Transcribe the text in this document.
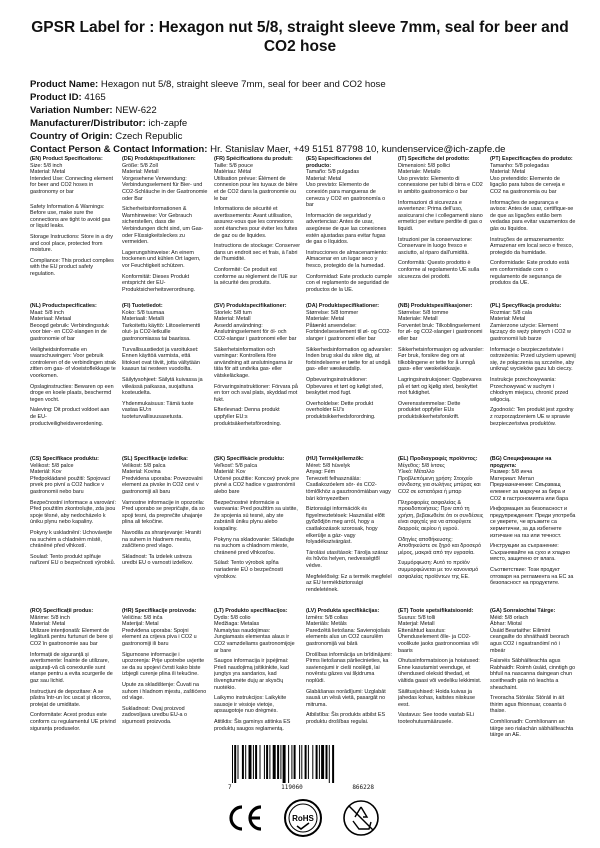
GPSR Label for : Hexagon nut 5/8, straight sleeve 7mm, seal for beer and CO2 hose
Product Name: Hexagon nut 5/8, straight sleeve 7mm, seal for beer and CO2 hose
Product ID: 4165
Variation Number: NEW-622
Manufacturer/Distributor: ich-zapfe
Country of Origin: Czech Republic
Contact Person & Contact Information: Hr. Stanislav Maer, +49 5151 87798 10, kundenservice@ich-zapfe.de
(EN) Product Specifications:

Size: 5/8 inch

Material: Metal

Intended Use: Connecting element for beer and CO2 hoses in gastronomy or bar

Safety Information & Warnings: Before use, make sure the connections are tight to avoid gas or liquid leaks.

Storage Instructions: Store in a dry and cool place, protected from moisture.

Compliance: This product complies with the EU product safety regulation.

(DE) Produktspezifikationen:

Größe: 5/8 Zoll

Material: Metall

Vorgesehene Verwendung: Verbindungselement für Bier- und CO2-Schläuche in der Gastronomie oder Bar

Sicherheitsinformationen & Warnhinweise: Vor Gebrauch sicherstellen, dass die Verbindungen dicht sind, um Gas- oder Flüssigkeitsleckes zu vermeiden.

Lagerungshinweise: An einem trockenen und kühlen Ort lagern, vor Feuchtigkeit schützen.

Konformität: Dieses Produkt entspricht der EU-Produktsicherheitsverordnung.

(FR) Spécifications du produit:

Taille: 5/8 pouce

Matériau: Métal

Utilisation prévue: Élément de connexion pour les tuyaux de bière et de CO2 dans la gastronomie ou le bar

Informations de sécurité et avertissements: Avant utilisation, assurez-vous que les connexions sont étanches pour éviter les fuites de gaz ou de liquides.

Instructions de stockage: Conserver dans un endroit sec et frais, à l'abri de l'humidité.

Conformité: Ce produit est conforme au règlement de l'UE sur la sécurité des produits.

(ES) Especificaciones del producto:

Tamaño: 5/8 pulgadas

Material: Metal

Uso previsto: Elemento de conexión para mangueras de cerveza y CO2 en gastronomía o bar

Información de seguridad y advertencias: Antes de usar, asegúrese de que las conexiones estén ajustadas para evitar fugas de gas o líquidos.

Instrucciones de almacenamiento: Almacenar en un lugar seco y fresco, protegido de la humedad.

Conformidad: Este producto cumple con el reglamento de seguridad de productos de la UE.

(IT) Specifiche del prodotto:

Dimensioni: 5/8 pollici

Materiale: Metallo

Uso previsto: Elemento di connessione per tubi di birra e CO2 in ambito gastronomico o bar

Informazioni di sicurezza e avvertenze: Prima dell'uso, assicurarsi che i collegamenti siano ermetici per evitare perdite di gas o liquidi.

Istruzioni per la conservazione: Conservare in luogo fresco e asciutto, al riparo dall'umidità.

Conformità: Questo prodotto è conforme al regolamento UE sulla sicurezza dei prodotti.

(PT) Especificações do produto:

Tamanho: 5/8 polegadas

Material: Metal

Uso pretendido: Elemento de ligação para tubos de cerveja e CO2 na gastronomia ou bar

Informações de segurança e avisos: Antes de usar, certifique-se de que as ligações estão bem vedadas para evitar vazamentos de gás ou líquidos.

Instruções de armazenamento: Armazenar em local seco e fresco, protegido da humidade.

Conformidade: Este produto está em conformidade com o regulamento de segurança de produtos da UE.

(NL) Productspecificaties:

Maat: 5/8 inch

Materiaal: Metaal

Beoogd gebruik: Verbindingsstuk voor bier- en CO2-slangen in de gastronomie of bar

Veiligheidsinformatie en waarschuwingen: Voor gebruik controleren of de verbindingen strak zitten om gas- of vloeistoflekkage te voorkomen.

Opslaginstructies: Bewaren op een droge en koele plaats, beschermd tegen vocht.

Naleving: Dit product voldoet aan de EU-productveiligheidsverordening.

(FI) Tuotetiedot:

Koko: 5/8 tuumaa

Materiaali: Metalli

Tarkoitettu käyttö: Liitoselementti olut- ja CO2-letkuille gastronomiassa tai baarissa.

Turvallisuustiedot ja varoitukset: Ennen käyttöä varmista, että liitokset ovat tiiviit, jotta vältytään kaasun tai nesteen vuodoilta.

Säilytysohjeet: Säilytä kuivassa ja viileässä paikassa, suojattuna kosteudelta.

Yhdenmukaisuus: Tämä tuote vastaa EU:n tuoteturvallisuusasetusta.

(SV) Produktspecifikationer:

Storlek: 5/8 tum

Material: Metall

Avsedd användning: Anslutningselement för öl- och CO2-slangar i gastronomi eller bar

Säkerhetsinformation och varningar: Kontrollera före användning att anslutningarna är täta för att undvika gas- eller vätskeläckage.

Förvaringsinstruktioner: Förvara på en torr och sval plats, skyddad mot fukt.

Efterlevnad: Denna produkt uppfyller EU:s produktsäkerhetsförordning.

(DA) Produktspecifikationer:

Størrelse: 5/8 tommer

Materiale: Metal

Påtænkt anvendelse: Forbindelseselement til øl- og CO2-slanger i gastronomi eller bar

Sikkerhedsinformation og advarsler: Inden brug skal du sikre dig, at forbindelserne er tætte for at undgå gas- eller væskeudslip.

Opbevaringsinstruktioner: Opbevares et tørt og køligt sted, beskyttet mod fugt.

Overholdelse: Dette produkt overholder EU's produktsikkerhedsforordning.

(NB) Produktspesifikasjoner:

Størrelse: 5/8 tomme

Materiale: Metall

Forventet bruk: Tilkoblingselement for øl- og CO2-slanger i gastronomi eller bar

Sikkerhetsinformasjon og advarsler: Før bruk, forsikre deg om at tilkoblingene er tette for å unngå gass- eller væskelekkasje.

Lagringsinstruksjoner: Oppbevares på et tørt og kjølig sted, beskyttet mot fuktighet.

Overensstemmelse: Dette produktet oppfyller EUs produktsikkerhetsforskrift.

(PL) Specyfikacja produktu:

Rozmiar: 5/8 cala

Materiał: Metal

Zamierzone użycie: Element łączący do węży piwnych i CO2 w gastronomii lub barze

Informacje o bezpieczeństwie i ostrzeżenia: Przed użyciem upewnij się, że połączenia są szczelne, aby uniknąć wycieków gazu lub cieczy.

Instrukcje przechowywania: Przechowywać w suchym i chłodnym miejscu, chronić przed wilgocią.

Zgodność: Ten produkt jest zgodny z rozporządzeniem UE w sprawie bezpieczeństwa produktów.

(CS) Specifikace produktu:

Velikost: 5/8 palce

Materiál: Kov

Předpokládané použití: Spojovací prvek pro pivní a CO2 hadice v gastronomii nebo baru

Bezpečnostní informace a varování: Před použitím zkontrolujte, zda jsou spoje těsné, aby nedocházelo k úniku plynu nebo kapaliny.

Pokyny k uskladnění: Uchovávejte na suchém a chladném místě, chráněné před vlhkostí.

Soulad: Tento produkt splňuje nařízení EU o bezpečnosti výrobků.

(SL) Specifikacije izdelka:

Velikost: 5/8 palca

Material: Kovina

Predvidena uporaba: Povezovalni element za pivske in CO2 cevi v gastronomiji ali baru

Varnostne informacije in opozorila: Pred uporabo se prepričajte, da so spoji tesni, da preprečite uhajanje plina ali tekočine.

Navodila za shranjevanje: Hraniti na suhem in hladnem mestu, zaščiteno pred vlago.

Skladnost: Ta izdelek ustreza uredbi EU o varnosti izdelkov.

(SK) Špecifikácie produktu:

Veľkosť: 5/8 palca

Materiál: Kov

Určené použitie: Koncový prvok pre pivné a CO2 hadice v gastronómii alebo bare

Bezpečnostné informácie a varovania: Pred použitím sa uistite, že spojenia sú tesné, aby ste zabránili úniku plynu alebo kvapaliny.

Pokyny na skladovanie: Skladujte na suchom a chladnom mieste, chránené pred vlhkosťou.

Súlad: Tento výrobok spĺňa nariadenie EÚ o bezpečnosti výrobkov.

(HU) Termékjellemzők:

Méret: 5/8 hüvelyk

Anyag: Fém

Tervezett felhasználás: Csatlakozóelem sör- és CO2-tömlőkhöz a gasztronómiában vagy bári környezetben

Biztonsági információk és figyelmeztetések: Használat előtt győződjön meg arról, hogy a csatlakozások szorosak, hogy elkerülje a gáz- vagy folyadékszivárgást.

Tárolási utasítások: Tárolja száraz és hűvös helyen, nedvességtől védve.

Megfelelőség: Ez a termék megfelel az EU termékbiztonsági rendeletének.

(EL) Προδιαγραφές προϊόντος:

Μέγεθος: 5/8 ίντσες

Υλικό: Μέταλλο

Προβλεπόμενη χρήση: Στοιχείο σύνδεσης για σωλήνες μπύρας και CO2 σε εστιατόρια ή μπαρ

Πληροφορίες ασφαλείας & προειδοποιήσεις: Πριν από τη χρήση, βεβαιωθείτε ότι οι συνδέσεις είναι σφιχτές για να αποφύγετε διαρροές αερίου ή υγρού.

Οδηγίες αποθήκευσης: Αποθηκεύστε σε ξηρό και δροσερό μέρος, μακριά από την υγρασία.

Συμμόρφωση: Αυτό το προϊόν συμμορφώνεται με τον κανονισμό ασφαλείας προϊόντων της ΕΕ.

(BG) Спецификации на продукта:

Размер: 5/8 инча

Материал: Метал

Предназначение: Свързващ елемент за маркучи за бира и CO2 в гастрономията или бара

Информация за безопасност и предупреждения: Преди употреба се уверете, че връзките са херметични, за да избегнете изтичане на газ или течност.

Инструкции за съхранение: Съхранявайте на сухо и хладно място, защитено от влага.

Съответствие: Този продукт отговаря на регламента на ЕС за безопасност на продуктите.

(RO) Specificații produs:

Mărime: 5/8 inch

Material: Metal

Utilizare intenționată: Element de legătură pentru furtunuri de bere și CO2 în gastronomie sau bar

Informații de siguranță și avertismente: Înainte de utilizare, asigurați-vă că conexiunile sunt etanșe pentru a evita scurgerile de gaz sau lichid.

Instrucțiuni de depozitare: A se păstra într-un loc uscat și răcoros, protejat de umiditate.

Conformitate: Acest produs este conform cu regulamentul UE privind siguranța produselor.

(HR) Specifikacije proizvoda:

Veličina: 5/8 inča

Materijal: Metal

Predviđena uporaba: Spojni element za crijeva piva i CO2 u gastronomiji ili baru

Sigurnosne informacije i upozorenja: Prije upotrebe uvjerite se da su spojevi čvrsti kako biste izbjegli curenje plina ili tekućine.

Upute za skladištenje: Čuvati na suhom i hladnom mjestu, zaštićeno od vlage.

Sukladnost: Ovaj proizvod zadovoljava uredbu EU-a o sigurnosti proizvoda.

(LT) Produkto specifikacijos:

Dydis: 5/8 colio

Medžiaga: Metalas

Numatytas naudojimas: Jungiamasis elementas alaus ir CO2 vamzdeliams gastronomijoje ar bare

Saugos informacija ir įspėjimai: Prieš naudojimą įsitikinkite, kad jungtys yra sandarios, kad išvengtumėte dujų ar skysčių nuotėkio.

Laikymo instrukcijos: Laikykite sausoje ir vėsioje vietoje, apsaugotoje nuo drėgmės.

Atitiktis: Šis gaminys atitinka ES produktų saugos reglamentą.

(LV) Produkta specifikācijas:

Izmērs: 5/8 collas

Materiāls: Metāls

Paredzētā lietošana: Savienojošais elements alus un CO2 caurulēm gastronomijā vai bārā

Drošības informācija un brīdinājumi: Pirms lietošanas pārliecinieties, ka savienojumi ir cieši noslēgti, lai novērstu gāzes vai šķidruma noplūdi.

Glabāšanas norādījumi: Uzglabāt sausā un vēsā vietā, pasargāt no mitruma.

Atbilstība: Šis produkts atbilst ES produktu drošības regulai.

(ET) Toote spetsifikatsioonid:

Suurus: 5/8 tolli

Materjal: Metall

Ettenähtud kasutus: Ühenduselement õlle- ja CO2-voolikute jaoks gastronoomias või baaris

Ohutusinformatsioon ja hoiatused: Enne kasutamist veenduge, et ühendused oleksid tihedad, et vältida gaasi või vedeliku lekkimist.

Säilitusjuhised: Hoida kuivas ja jahedas kohas, kaitstes niiskuse eest.

Vastavus: See toode vastab ELi tooteohutusmäärusele.

(GA) Sonraíochtaí Táirge:

Méid: 5/8 orlach

Ábhar: Miotal

Úsáid Beartaithe: Eilimint ceangailte do shnáthaidí beorach agus CO2 i ngastranóimí nó i mbeár

Faisnéis Sábháilteachta agus Rabhaidh: Roimh úsáid, cinntigh go bhfuil na nascanna daingean chun sceitheadh gáis nó leachta a sheachaint.

Treoracha Stórála: Stóráil in áit thirim agus fhionnuar, cosanta ó thaise.

Comhlíonadh: Comhlíonann an táirge seo rialachán sábháilteachta táirge an AE.

7	119060	866228
RoHS
